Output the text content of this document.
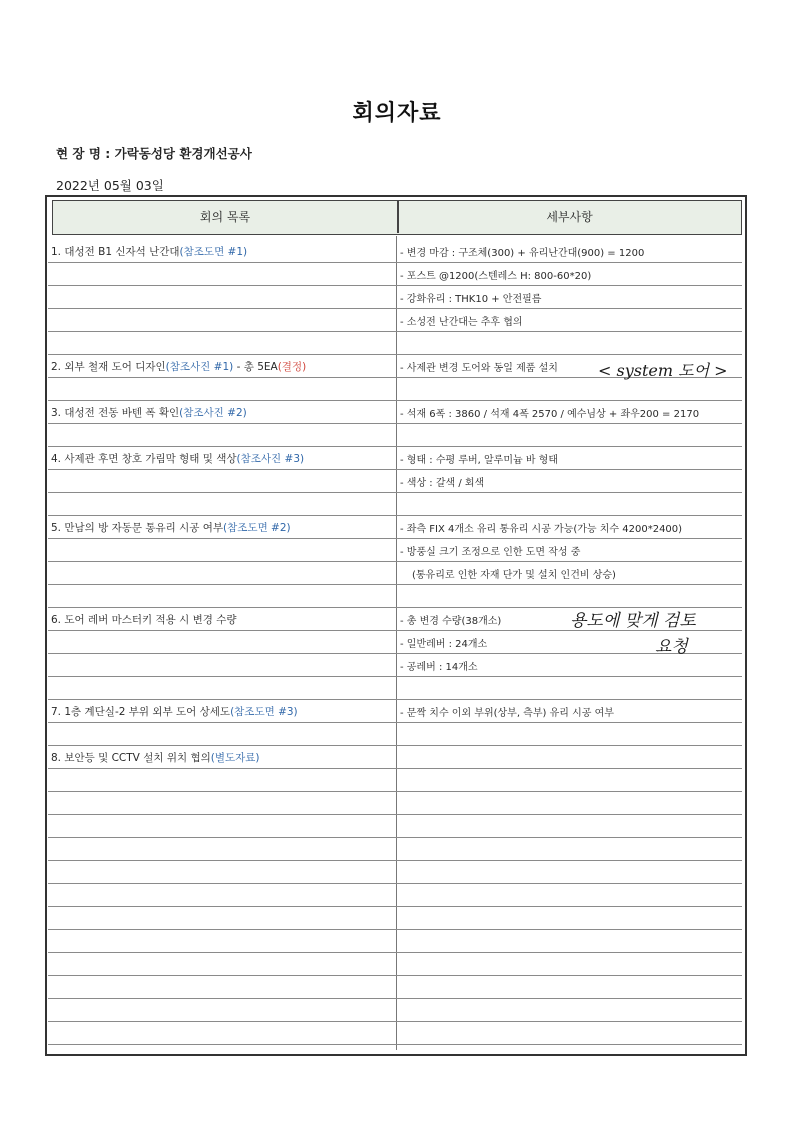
회의자료
현 장 명 : 가락동성당 환경개선공사
2022년 05월 03일
회의 목록	세부사항
1. 대성전 B1 신자석 난간대(참조도면 #1)	- 변경 마감 : 구조체(300) + 유리난간대(900) = 1200
- 포스트 @1200(스텐레스 H: 800-60*20)
- 강화유리 : THK10 + 안전필름
- 소성전 난간대는 추후 협의
2. 외부 철재 도어 디자인(참조사진 #1) - 총 5EA(결정)	- 사제관 변경 도어와 동일 제품 설치
3. 대성전 전동 바텐 폭 확인(참조사진 #2)	- 석재 6폭 : 3860 / 석재 4폭 2570 / 예수님상 + 좌우200 = 2170
4. 사제관 후면 창호 가림막 형태 및 색상(참조사진 #3)	- 형태 : 수평 루버, 알루미늄 바 형태
- 색상 : 갈색 / 회색
5. 만남의 방 자동문 통유리 시공 여부(참조도면 #2)	- 좌측 FIX 4개소 유리 통유리 시공 가능(가능 치수 4200*2400)
- 방풍실 크기 조정으로 인한 도면 작성 중
(통유리로 인한 자재 단가 및 설치 인건비 상승)
6. 도어 레버 마스터키 적용 시 변경 수량	- 총 변경 수량(38개소)
- 일반레버 : 24개소
- 공레버 : 14개소
7. 1층 계단실-2 부위 외부 도어 상세도(참조도면 #3)	- 문짝 치수 이외 부위(상부, 측부) 유리 시공 여부
8. 보안등 및 CCTV 설치 위치 협의(별도자료)
< system 도어 >
용도에 맞게 검토
요청
